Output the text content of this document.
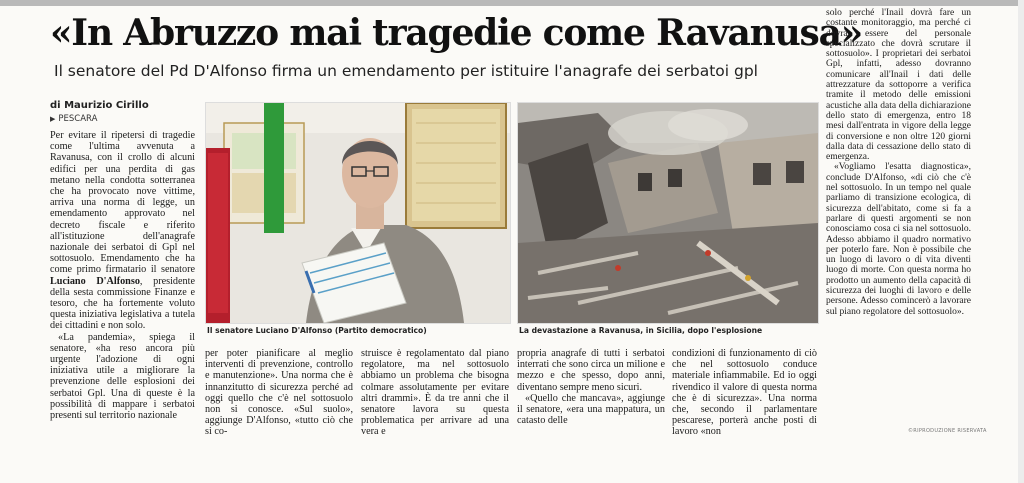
«In Abruzzo mai tragedie come Ravanusa»
Il senatore del Pd D'Alfonso firma un emendamento per istituire l'anagrafe dei serbatoi gpl
di Maurizio Cirillo
▶ PESCARA

Per evitare il ripetersi di tragedie come l'ultima avvenuta a Ravanusa, con il crollo di alcuni edifici per una perdita di gas metano nella condotta sotterranea che ha provocato nove vittime, arriva una norma di legge, un emendamento approvato nel decreto fiscale e riferito all'istituzione dell'anagrafe nazionale dei serbatoi di Gpl nel sottosuolo. Emendamento che ha come primo firmatario il senatore Luciano D'Alfonso, presidente della sesta commissione Finanze e tesoro, che ha fortemente voluto questa iniziativa legislativa a tutela dei cittadini e non solo.

«La pandemia», spiega il senatore, «ha reso ancora più urgente l'adozione di ogni iniziativa utile a migliorare la prevenzione delle esplosioni dei serbatoi Gpl. Una di queste è la possibilità di mappare i serbatoi presenti sul territorio nazionale

Il senatore Luciano D'Alfonso (Partito democratico)	La devastazione a Ravanusa, in Sicilia, dopo l'esplosione

per poter pianificare al meglio interventi di prevenzione, controllo e manutenzione». Una norma che è innanzitutto di sicurezza perché ad oggi quello che c'è nel sottosuolo non si conosce. «Sul suolo», aggiunge D'Alfonso, «tutto ciò che si co-

struisce è regolamentato dal piano regolatore, ma nel sottosuolo abbiamo un problema che bisogna colmare assolutamente per evitare altri drammi». È da tre anni che il senatore lavora su questa problematica per arrivare ad una vera e

propria anagrafe di tutti i serbatoi interrati che sono circa un milione e mezzo e che spesso, dopo anni, diventano sempre meno sicuri.

«Quello che mancava», aggiunge il senatore, «era una mappatura, un catasto delle

condizioni di funzionamento di ciò che nel sottosuolo conduce materiale infiammabile. Ed io oggi rivendico il valore di questa norma che è di sicurezza». Una norma che, secondo il parlamentare pescarese, porterà anche posti di lavoro «non

solo perché l'Inail dovrà fare un costante monitoraggio, ma perché ci dovrà essere del personale specializzato che dovrà scrutare il sottosuolo». I proprietari dei serbatoi Gpl, infatti, adesso dovranno comunicare all'Inail i dati delle attrezzature da sottoporre a verifica tramite il metodo delle emissioni acustiche alla data della dichiarazione dello stato di emergenza, entro 18 mesi dall'entrata in vigore della legge di conversione e non oltre 120 giorni dalla data di cessazione dello stato di emergenza.

«Vogliamo l'esatta diagnostica», conclude D'Alfonso, «di ciò che c'è nel sottosuolo. In un tempo nel quale parliamo di transizione ecologica, di sicurezza dell'abitato, come si fa a parlare di questi argomenti se non conosciamo cosa ci sia nel sottosuolo. Adesso abbiamo il quadro normativo per poterlo fare. Non è possibile che un luogo di lavoro o di vita diventi luogo di morte. Con questa norma ho prodotto un aumento della capacità di sicurezza dei luoghi di lavoro e delle persone. Adesso comincerò a lavorare sul piano regolatore del sottosuolo».

©RIPRODUZIONE RISERVATA
